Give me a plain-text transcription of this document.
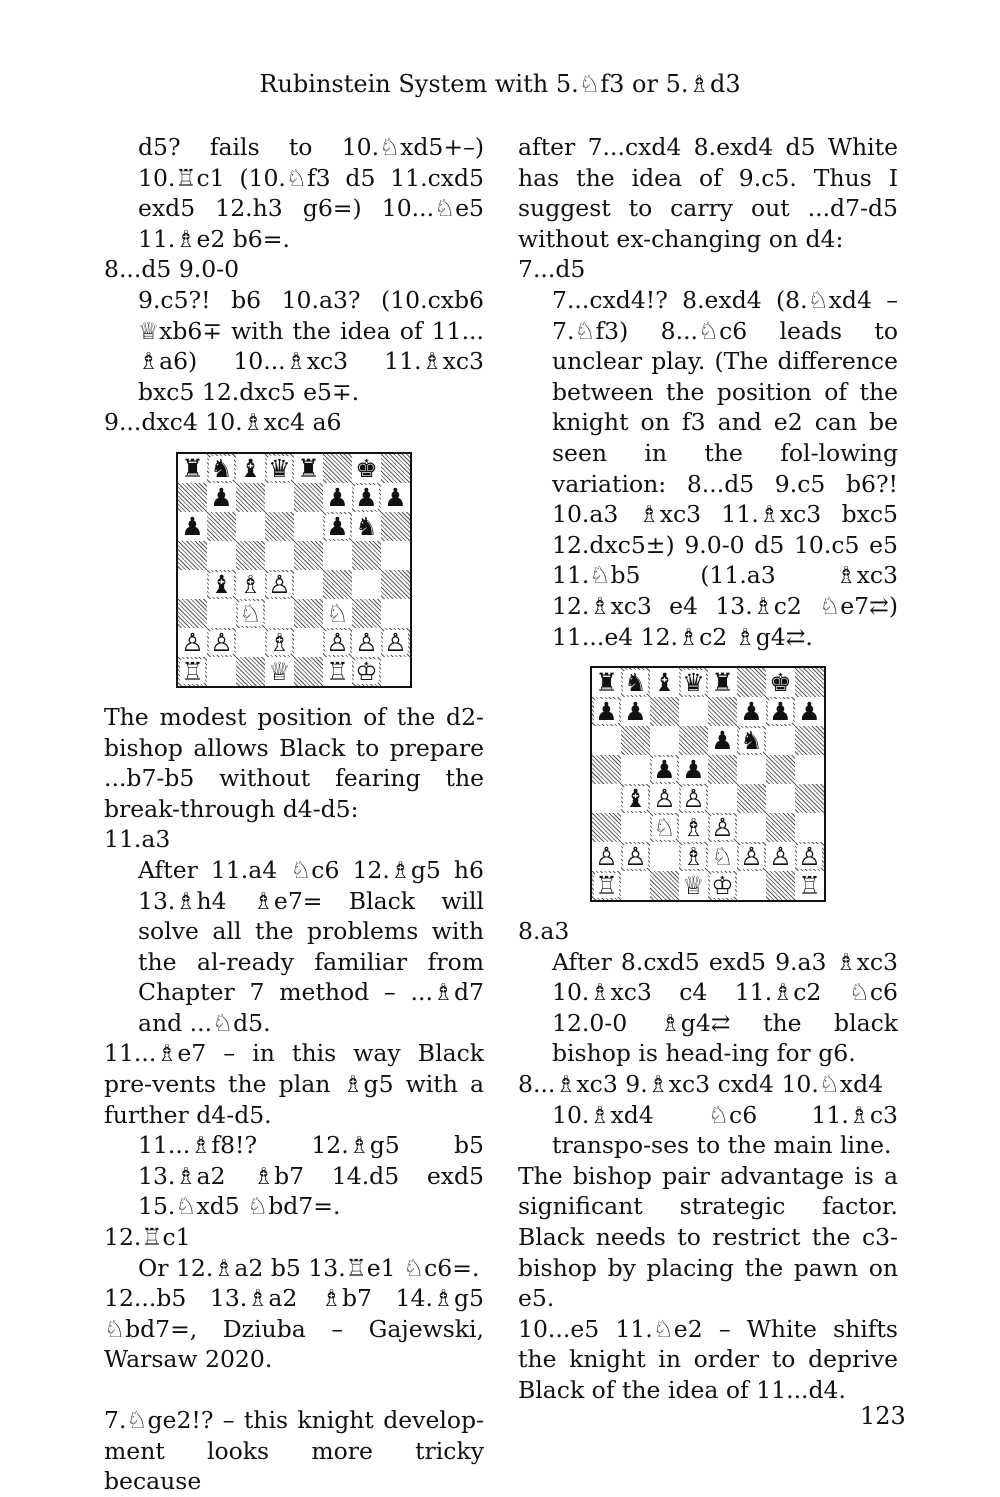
Rubinstein System with 5.♘f3 or 5.♗d3

d5? fails to 10.♘xd5+–) 10.♖c1 (10.♘f3 d5 11.cxd5 exd5 12.h3 g6=) 10...♘e5 11.♗e2 b6=.

8...d5 9.0-0

9.c5?! b6 10.a3? (10.cxb6 ♕xb6∓ with the idea of 11... ♗a6) 10...♗xc3 11.♗xc3 bxc5 12.dxc5 e5∓.

9...dxc4 10.♗xc4 a6

♜ ♞ ♝ ♛ ♜ ♚
♟	♟ ♟ ♟
♟	♟ ♞
♝ ♗ ♙
♘	♘
♙ ♙ ♗ ♙ ♙ ♙
♖	♕ ♖ ♔

The modest position of the d2-bishop allows Black to prepare ...b7-b5 without fearing the break-through d4-d5:

11.a3

After 11.a4 ♘c6 12.♗g5 h6 13.♗h4 ♗e7= Black will solve all the problems with the al-ready familiar from Chapter 7 method – ...♗d7 and ...♘d5.

11...♗e7 – in this way Black pre-vents the plan ♗g5 with a further d4-d5.

11...♗f8!? 12.♗g5 b5 13.♗a2 ♗b7 14.d5 exd5 15.♘xd5 ♘bd7=.

12.♖c1

Or 12.♗a2 b5 13.♖e1 ♘c6=.

12...b5 13.♗a2 ♗b7 14.♗g5 ♘bd7=, Dziuba – Gajewski, Warsaw 2020.

7.♘ge2!? – this knight develop-ment looks more tricky because

after 7...cxd4 8.exd4 d5 White has the idea of 9.c5. Thus I suggest to carry out ...d7-d5 without ex-changing on d4:

7...d5

7...cxd4!? 8.exd4 (8.♘xd4 – 7.♘f3) 8...♘c6 leads to unclear play. (The difference between the position of the knight on f3 and e2 can be seen in the fol-lowing variation: 8...d5 9.c5 b6?! 10.a3 ♗xc3 11.♗xc3 bxc5 12.dxc5±) 9.0-0 d5 10.c5 e5 11.♘b5 (11.a3 ♗xc3 12.♗xc3 e4 13.♗c2 ♘e7⇄) 11...e4 12.♗c2 ♗g4⇄.

♜ ♞ ♝ ♛ ♜ ♚
♟ ♟	♟ ♟ ♟
♟ ♞
♟ ♟
♝ ♙ ♙
♘ ♗ ♙
♙ ♙ ♗ ♘ ♙ ♙ ♙
♖	♕ ♔	♖

8.a3

After 8.cxd5 exd5 9.a3 ♗xc3 10.♗xc3 c4 11.♗c2 ♘c6 12.0-0 ♗g4⇄ the black bishop is head-ing for g6.

8...♗xc3 9.♗xc3 cxd4 10.♘xd4

10.♗xd4 ♘c6 11.♗c3 transpo-ses to the main line.

The bishop pair advantage is a significant strategic factor. Black needs to restrict the c3-bishop by placing the pawn on e5.

10...e5 11.♘e2 – White shifts the knight in order to deprive Black of the idea of 11...d4.

123
